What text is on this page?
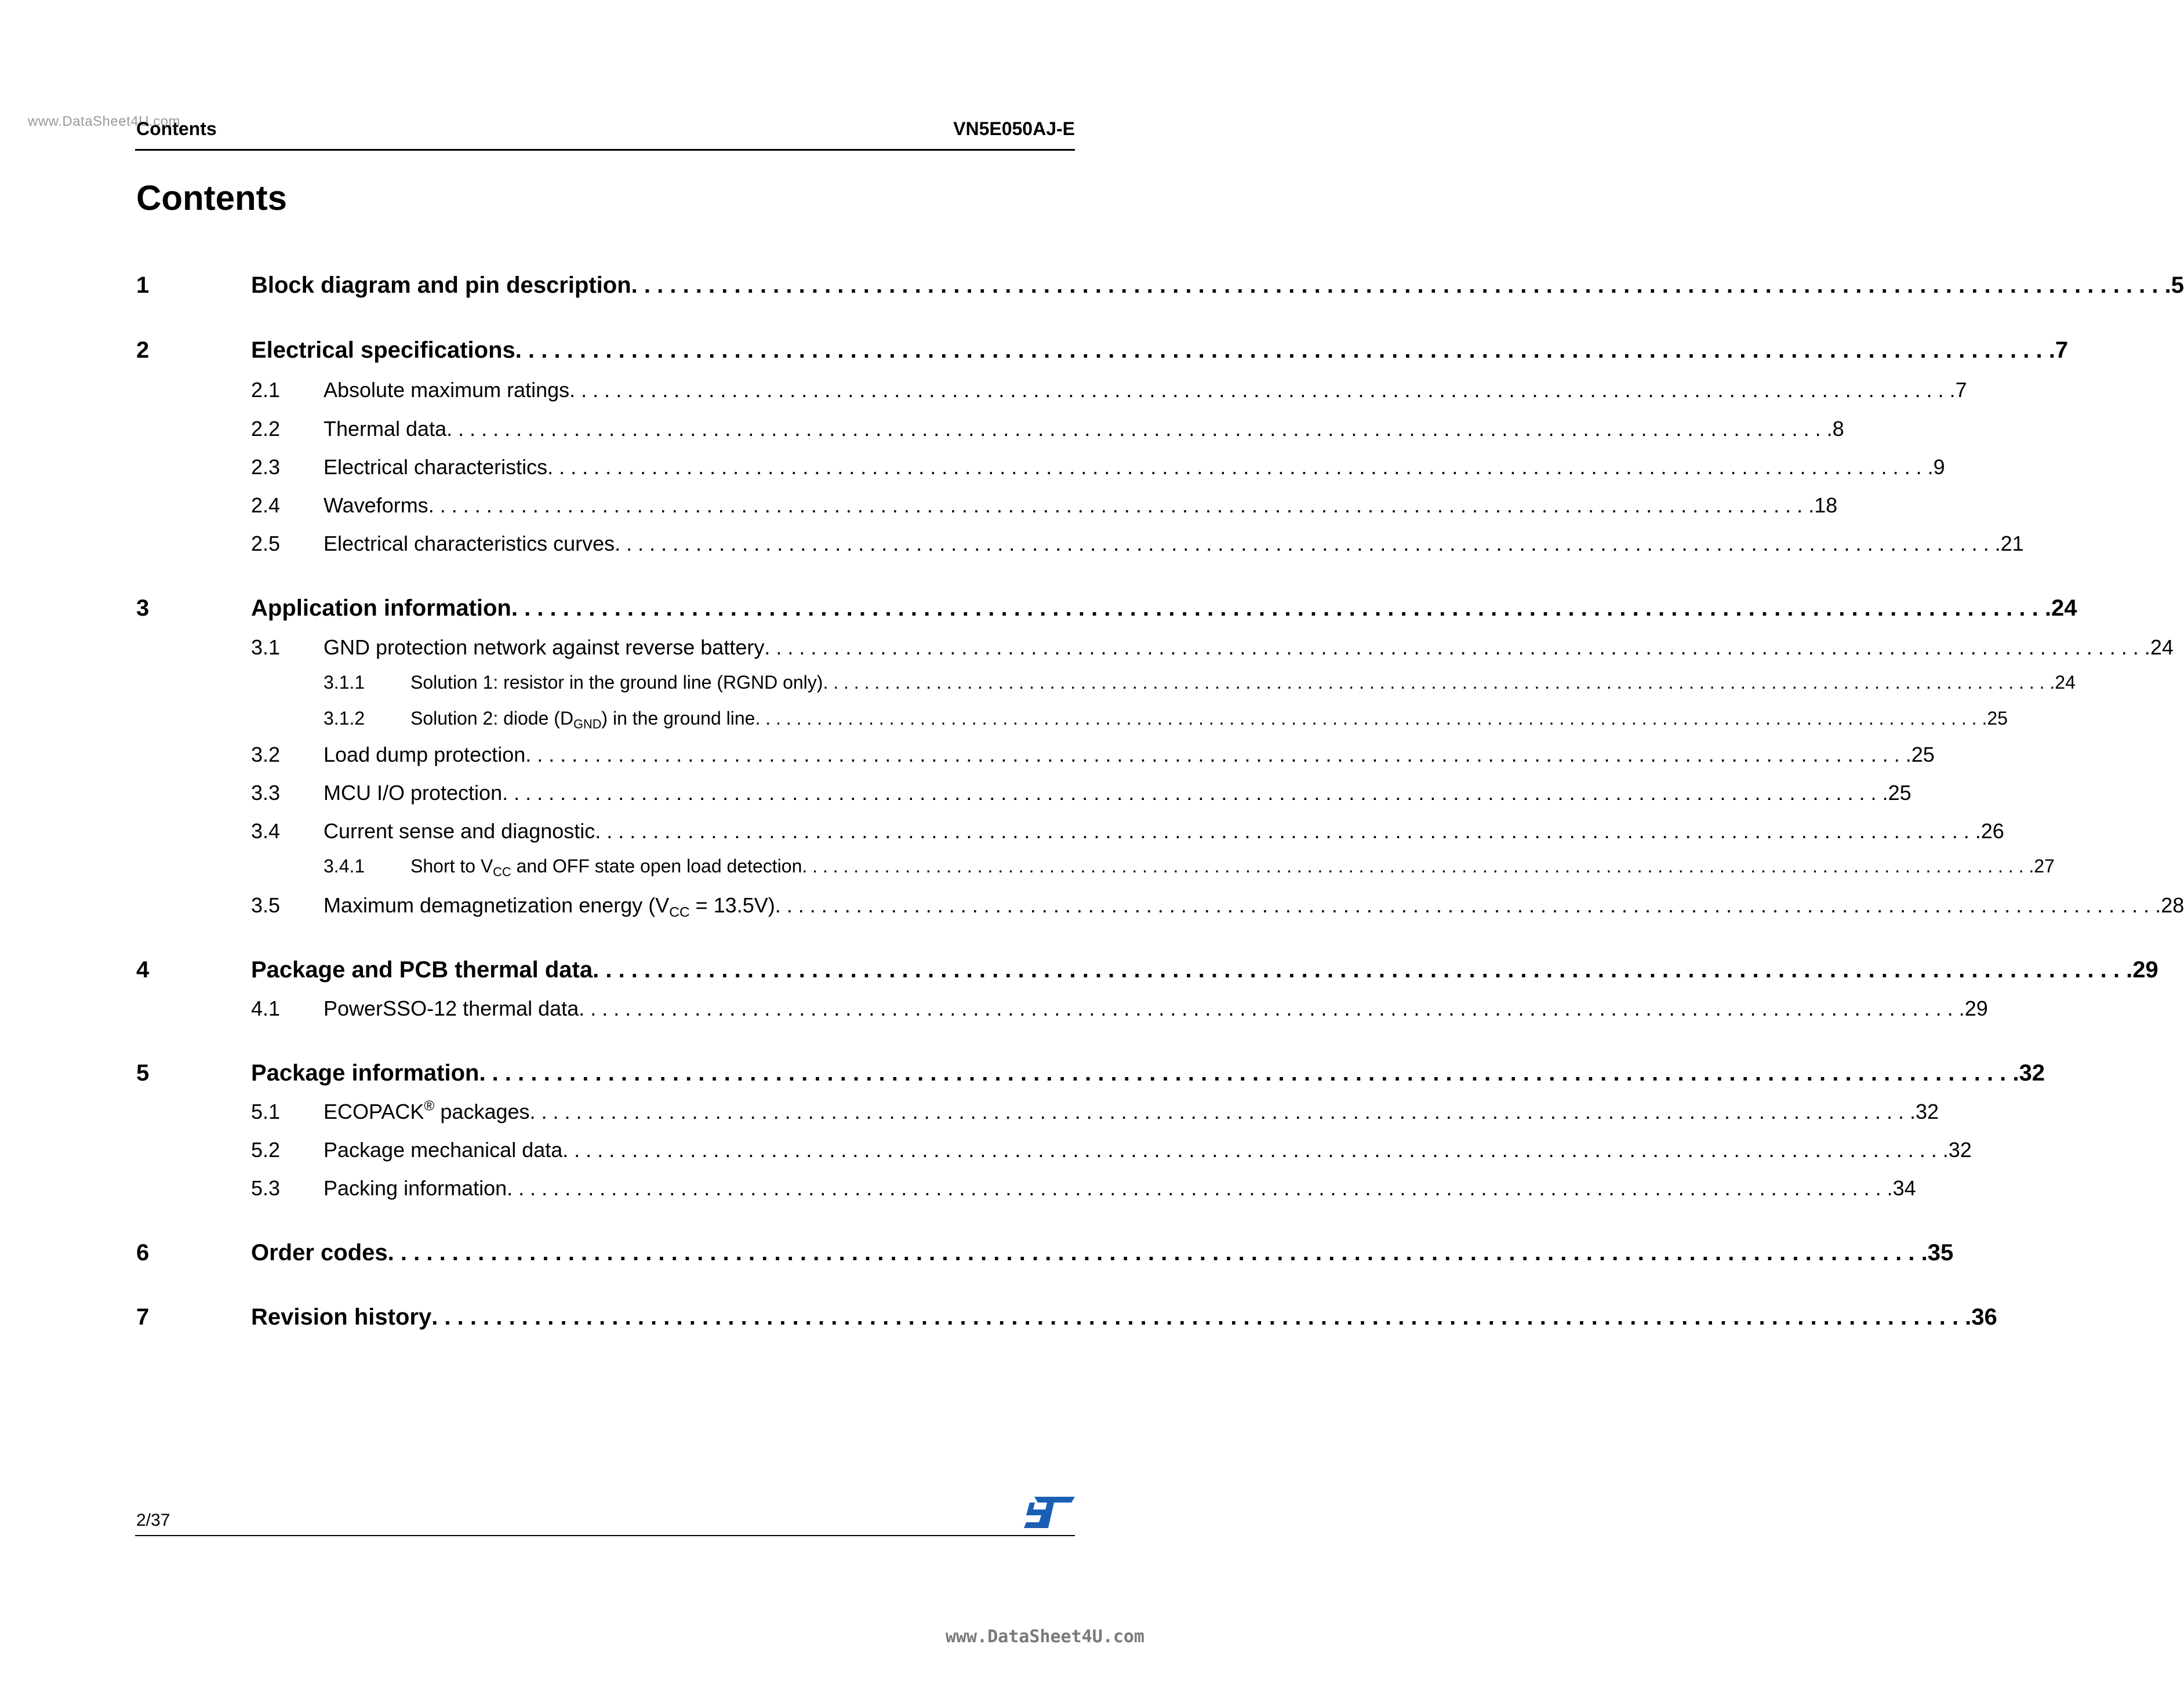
www.DataSheet4U.com
Contents	VN5E050AJ-E
Contents
1	Block diagram and pin description . . . . . . . . . . . . . . . . . . . . . . . . . . . . . . . . . . . . . . . . . . . . . . . . . . . . . . . . . . . . . . . . . . . . . . . . . . . . . . . . . . . . . . . . . . . . . . . . . . . . . . . . . . . . . . . . . . . . . . . . 5
2	Electrical specifications . . . . . . . . . . . . . . . . . . . . . . . . . . . . . . . . . . . . . . . . . . . . . . . . . . . . . . . . . . . . . . . . . . . . . . . . . . . . . . . . . . . . . . . . . . . . . . . . . . . . . . . . . . . . . . . . . . . . . . . . 7
2.1 Absolute maximum ratings . . . . . . . . . . . . . . . . . . . . . . . . . . . . . . . . . . . . . . . . . . . . . . . . . . . . . . . . . . . . . . . . . . . . . . . . . . . . . . . . . . . . . . . . . . . . . . . . . . . . . . . . . . . . . . . . . . . . . . . . 7
2.2 Thermal data . . . . . . . . . . . . . . . . . . . . . . . . . . . . . . . . . . . . . . . . . . . . . . . . . . . . . . . . . . . . . . . . . . . . . . . . . . . . . . . . . . . . . . . . . . . . . . . . . . . . . . . . . . . . . . . . . . . . . . . . 8
2.3 Electrical characteristics . . . . . . . . . . . . . . . . . . . . . . . . . . . . . . . . . . . . . . . . . . . . . . . . . . . . . . . . . . . . . . . . . . . . . . . . . . . . . . . . . . . . . . . . . . . . . . . . . . . . . . . . . . . . . . . . . . . . . . . . 9
2.4 Waveforms . . . . . . . . . . . . . . . . . . . . . . . . . . . . . . . . . . . . . . . . . . . . . . . . . . . . . . . . . . . . . . . . . . . . . . . . . . . . . . . . . . . . . . . . . . . . . . . . . . . . . . . . . . . . . . . . . . . . . . . . 18
2.5 Electrical characteristics curves . . . . . . . . . . . . . . . . . . . . . . . . . . . . . . . . . . . . . . . . . . . . . . . . . . . . . . . . . . . . . . . . . . . . . . . . . . . . . . . . . . . . . . . . . . . . . . . . . . . . . . . . . . . . . . . . . . . . . . . . 21
3	Application information . . . . . . . . . . . . . . . . . . . . . . . . . . . . . . . . . . . . . . . . . . . . . . . . . . . . . . . . . . . . . . . . . . . . . . . . . . . . . . . . . . . . . . . . . . . . . . . . . . . . . . . . . . . . . . . . . . . . . . . . 24
3.1 GND protection network against reverse battery . . . . . . . . . . . . . . . . . . . . . . . . . . . . . . . . . . . . . . . . . . . . . . . . . . . . . . . . . . . . . . . . . . . . . . . . . . . . . . . . . . . . . . . . . . . . . . . . . . . . . . . . . . . . . . . . . . . . . . . . 24
3.1.1 Solution 1: resistor in the ground line (RGND only) . . . . . . . . . . . . . . . . . . . . . . . . . . . . . . . . . . . . . . . . . . . . . . . . . . . . . . . . . . . . . . . . . . . . . . . . . . . . . . . . . . . . . . . . . . . . . . . . . . . . . . . . . . . . . . . . . . . . . . . . 24
3.1.2 Solution 2: diode $(D_{GND})$ in the ground line . . . . . . . . . . . . . . . . . . . . . . . . . . . . . . . . . . . . . . . . . . . . . . . . . . . . . . . . . . . . . . . . . . . . . . . . . . . . . . . . . . . . . . . . . . . . . . . . . . . . . . . . . . . . . . . . . . . . . . . . 25
3.2 Load dump protection . . . . . . . . . . . . . . . . . . . . . . . . . . . . . . . . . . . . . . . . . . . . . . . . . . . . . . . . . . . . . . . . . . . . . . . . . . . . . . . . . . . . . . . . . . . . . . . . . . . . . . . . . . . . . . . . . . . . . . . . 25
3.3 MCU I/O protection . . . . . . . . . . . . . . . . . . . . . . . . . . . . . . . . . . . . . . . . . . . . . . . . . . . . . . . . . . . . . . . . . . . . . . . . . . . . . . . . . . . . . . . . . . . . . . . . . . . . . . . . . . . . . . . . . . . . . . . . 25
3.4 Current sense and diagnostic . . . . . . . . . . . . . . . . . . . . . . . . . . . . . . . . . . . . . . . . . . . . . . . . . . . . . . . . . . . . . . . . . . . . . . . . . . . . . . . . . . . . . . . . . . . . . . . . . . . . . . . . . . . . . . . . . . . . . . . . 26
3.4.1 Short to $V_{CC}$ and OFF state open load detection . . . . . . . . . . . . . . . . . . . . . . . . . . . . . . . . . . . . . . . . . . . . . . . . . . . . . . . . . . . . . . . . . . . . . . . . . . . . . . . . . . . . . . . . . . . . . . . . . . . . . . . . . . . . . . . . . . . . . . . . 27
3.5 Maximum demagnetization energy $(V_{CC} = 13.5V)$ . . . . . . . . . . . . . . . . . . . . . . . . . . . . . . . . . . . . . . . . . . . . . . . . . . . . . . . . . . . . . . . . . . . . . . . . . . . . . . . . . . . . . . . . . . . . . . . . . . . . . . . . . . . . . . . . . . . . . . . . 28
4	Package and PCB thermal data . . . . . . . . . . . . . . . . . . . . . . . . . . . . . . . . . . . . . . . . . . . . . . . . . . . . . . . . . . . . . . . . . . . . . . . . . . . . . . . . . . . . . . . . . . . . . . . . . . . . . . . . . . . . . . . . . . . . . . . . 29
4.1 PowerSSO-12 thermal data . . . . . . . . . . . . . . . . . . . . . . . . . . . . . . . . . . . . . . . . . . . . . . . . . . . . . . . . . . . . . . . . . . . . . . . . . . . . . . . . . . . . . . . . . . . . . . . . . . . . . . . . . . . . . . . . . . . . . . . . 29
5	Package information . . . . . . . . . . . . . . . . . . . . . . . . . . . . . . . . . . . . . . . . . . . . . . . . . . . . . . . . . . . . . . . . . . . . . . . . . . . . . . . . . . . . . . . . . . . . . . . . . . . . . . . . . . . . . . . . . . . . . . . . 32
5.1 ECOPACK® packages . . . . . . . . . . . . . . . . . . . . . . . . . . . . . . . . . . . . . . . . . . . . . . . . . . . . . . . . . . . . . . . . . . . . . . . . . . . . . . . . . . . . . . . . . . . . . . . . . . . . . . . . . . . . . . . . . . . . . . . . 32
5.2 Package mechanical data . . . . . . . . . . . . . . . . . . . . . . . . . . . . . . . . . . . . . . . . . . . . . . . . . . . . . . . . . . . . . . . . . . . . . . . . . . . . . . . . . . . . . . . . . . . . . . . . . . . . . . . . . . . . . . . . . . . . . . . . 32
5.3 Packing information . . . . . . . . . . . . . . . . . . . . . . . . . . . . . . . . . . . . . . . . . . . . . . . . . . . . . . . . . . . . . . . . . . . . . . . . . . . . . . . . . . . . . . . . . . . . . . . . . . . . . . . . . . . . . . . . . . . . . . . . 34
6	Order codes . . . . . . . . . . . . . . . . . . . . . . . . . . . . . . . . . . . . . . . . . . . . . . . . . . . . . . . . . . . . . . . . . . . . . . . . . . . . . . . . . . . . . . . . . . . . . . . . . . . . . . . . . . . . . . . . . . . . . . . . 35
7	Revision history . . . . . . . . . . . . . . . . . . . . . . . . . . . . . . . . . . . . . . . . . . . . . . . . . . . . . . . . . . . . . . . . . . . . . . . . . . . . . . . . . . . . . . . . . . . . . . . . . . . . . . . . . . . . . . . . . . . . . . . . 36
2/37
www.DataSheet4U.com
